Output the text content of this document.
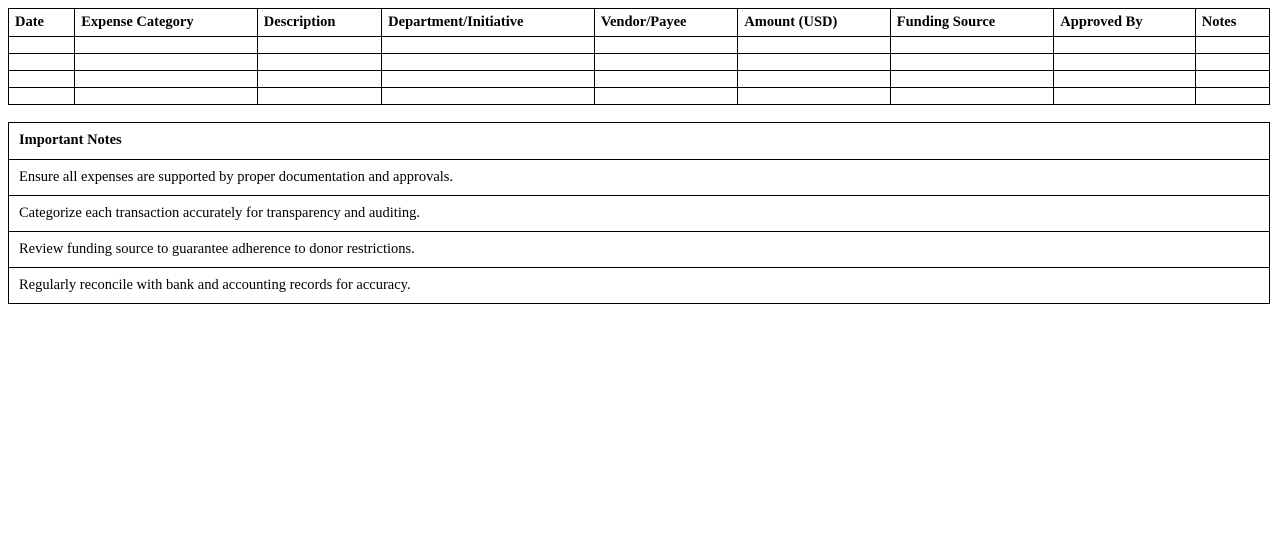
Date	Expense Category	Description	Department/Initiative	Vendor/Payee	Amount (USD)	Funding Source	Approved By	Notes

Important Notes
Ensure all expenses are supported by proper documentation and approvals.
Categorize each transaction accurately for transparency and auditing.
Review funding source to guarantee adherence to donor restrictions.
Regularly reconcile with bank and accounting records for accuracy.
